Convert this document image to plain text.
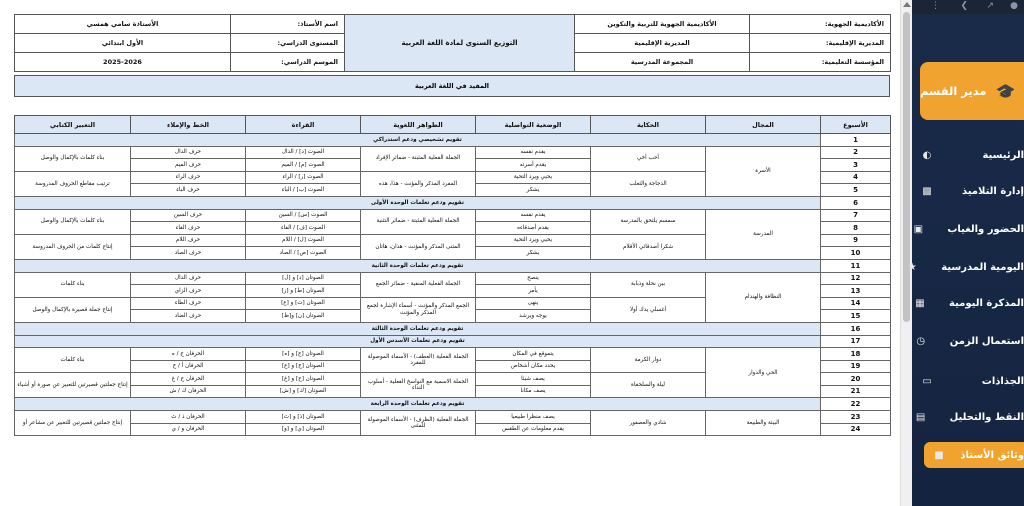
الأكاديمية الجهوية:	الأكاديمية الجهوية للتربية والتكوين	التوزيع السنوي لمادة اللغة العربية	اسم الأستاذ:	الأستاذة سامي همسي
المديرية الإقليمية:	المديرية الإقليمية		المستوى الدراسي:	الأول ابتدائي
المؤسسة التعليمية:	المجموعة المدرسية		الموسم الدراسي:	2025-2026
المفيد في اللغة العربية
الأسبوع	المجال	الحكاية	الوضعية التواصلية	الظواهر اللغوية	القراءة	الخط والإملاء	التعبير الكتابي
1	تقويم تشخيصي ودعم استدراكي						
2	الأسرة	أحب أخي	يقدم نفسه	الجملة الفعلية المثبتة - ضمائر الإفراد	الصوت [د] / الدال	حرف الدال	بناء كلمات بالإكمال والوصل
3			يقدم أسرته		الصوت [م] / الميم	حرف الميم	
4		الدجاجة والثعلب	يحيي ويرد التحية	المفرد المذكر والمؤنث - هذا، هذه	الصوت [ر] / الراء	حرف الراء	ترتيب مقاطع الحروف المدروسة
5			يشكر		الصوت [ب] / الباء	حرف الباء	
6	تقويم ودعم تعلمات الوحدة الأولى						
7	المدرسة	سمسم يلتحق بالمدرسة	يقدم نفسه	الجملة الفعلية المثبتة - ضمائر التثنية	الصوت [س] / السين	حرف السين	بناء كلمات بالإكمال والوصل
8			يقدم أصدقاءه		الصوت [ف] / الفاء	حرف الفاء	
9		شكرا أصدقائي الأقلام	يحيي ويرد التحية	المثنى المذكر والمؤنث - هذان، هاتان	الصوت [ل] / اللام	حرف اللام	إنتاج كلمات من الحروف المدروسة
10			يشكر		الصوت [ص] / الصاد	حرف الصاد	
11	تقويم ودعم تعلمات الوحدة الثانية						
12	النظافة والهندام	بين نحلة وذبابة	ينصح	الجملة الفعلية المنفية - ضمائر الجمع	الصوتان [د] و [ل]	حرف الدال	بناء كلمات
13			يأمر		الصوتان [ط] و [ز]	حرف الزاي	
14		أغسلي يدك أولا	ينهى	الجمع المذكر والمؤنث - أسماء الإشارة لجمع المذكر والمؤنث	الصوتان [ت] و [ع]	حرف الطاء	إنتاج جملة قصيرة بالإكمال والوصل
15			يوجه ويرشد		الصوتان [ن] و[ظ]	حرف الضاد	
16	تقويم ودعم تعلمات الوحدة الثالثة						
17	تقويم ودعم تعلمات الأسدس الأول						
18	الحي والدوار	دوار الكرمة	يتموقع في المكان	الجملة الفعلية (العطف) - الأسماء الموصولة للمفرد	الصوتان [ج] و [ه]	الحرفان ج / ه	بناء كلمات
19			يحدد مكان أشخاص		الصوتان [خ] و [ع]	الحرفان أ / خ	
20		ليلة والسلحفاة	يصف شيئا	الجملة الاسمية مع النواسخ الفعلية - أسلوب النداء	الصوتان [ح] و [غ]	الحرفان ح / غ	إنتاج جملتين قصيرتين للتعبير عن صورة أو أشياء
21			يصف مكانا		الصوتان [ك] و [ش]	الحرفان ك / ش	
22	تقويم ودعم تعلمات الوحدة الرابعة						
23	البيئة والطبيعة	شادي والعصفور	يصف منظرا طبيعيا	الجملة الفعلية (الظرف) - الأسماء الموصولة للمثنى	الصوتان [ذ] و [ث]	الحرفان ذ / ث	إنتاج جملتين قصيرتين للتعبير عن مشاعر أو
24			يقدم معلومات عن الطقس		الصوتان [ي] و [و]	الحرفان و / ي	
●
↗
❯
⋮
🎓
مدير القسم
الرئيسية
◐
إدارة التلاميذ
▩
الحضور والغياب
▣
اليومية المدرسية
★
المذكرة اليومية
▦
استعمال الزمن
◷
الجذاذات
▭
النقط والتحليل
▤
وثائق الأستاذ
■
